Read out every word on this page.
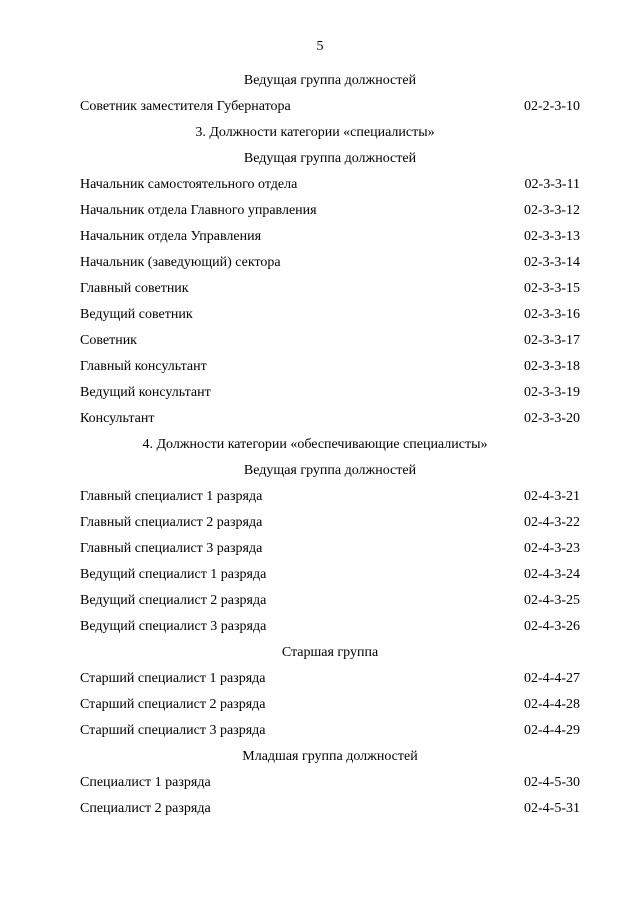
5
Ведущая группа должностей
Советник заместителя Губернатора	02-2-3-10
3. Должности категории «специалисты»
Ведущая группа должностей
Начальник самостоятельного отдела	02-3-3-11
Начальник отдела Главного управления	02-3-3-12
Начальник отдела Управления	02-3-3-13
Начальник (заведующий) сектора	02-3-3-14
Главный советник	02-3-3-15
Ведущий советник	02-3-3-16
Советник	02-3-3-17
Главный консультант	02-3-3-18
Ведущий консультант	02-3-3-19
Консультант	02-3-3-20
4. Должности категории «обеспечивающие специалисты»
Ведущая группа должностей
Главный специалист 1 разряда	02-4-3-21
Главный специалист 2 разряда	02-4-3-22
Главный специалист 3 разряда	02-4-3-23
Ведущий специалист 1 разряда	02-4-3-24
Ведущий специалист 2 разряда	02-4-3-25
Ведущий специалист 3 разряда	02-4-3-26
Старшая группа
Старший специалист 1 разряда	02-4-4-27
Старший специалист 2 разряда	02-4-4-28
Старший специалист 3 разряда	02-4-4-29
Младшая группа должностей
Специалист 1 разряда	02-4-5-30
Специалист 2 разряда	02-4-5-31
